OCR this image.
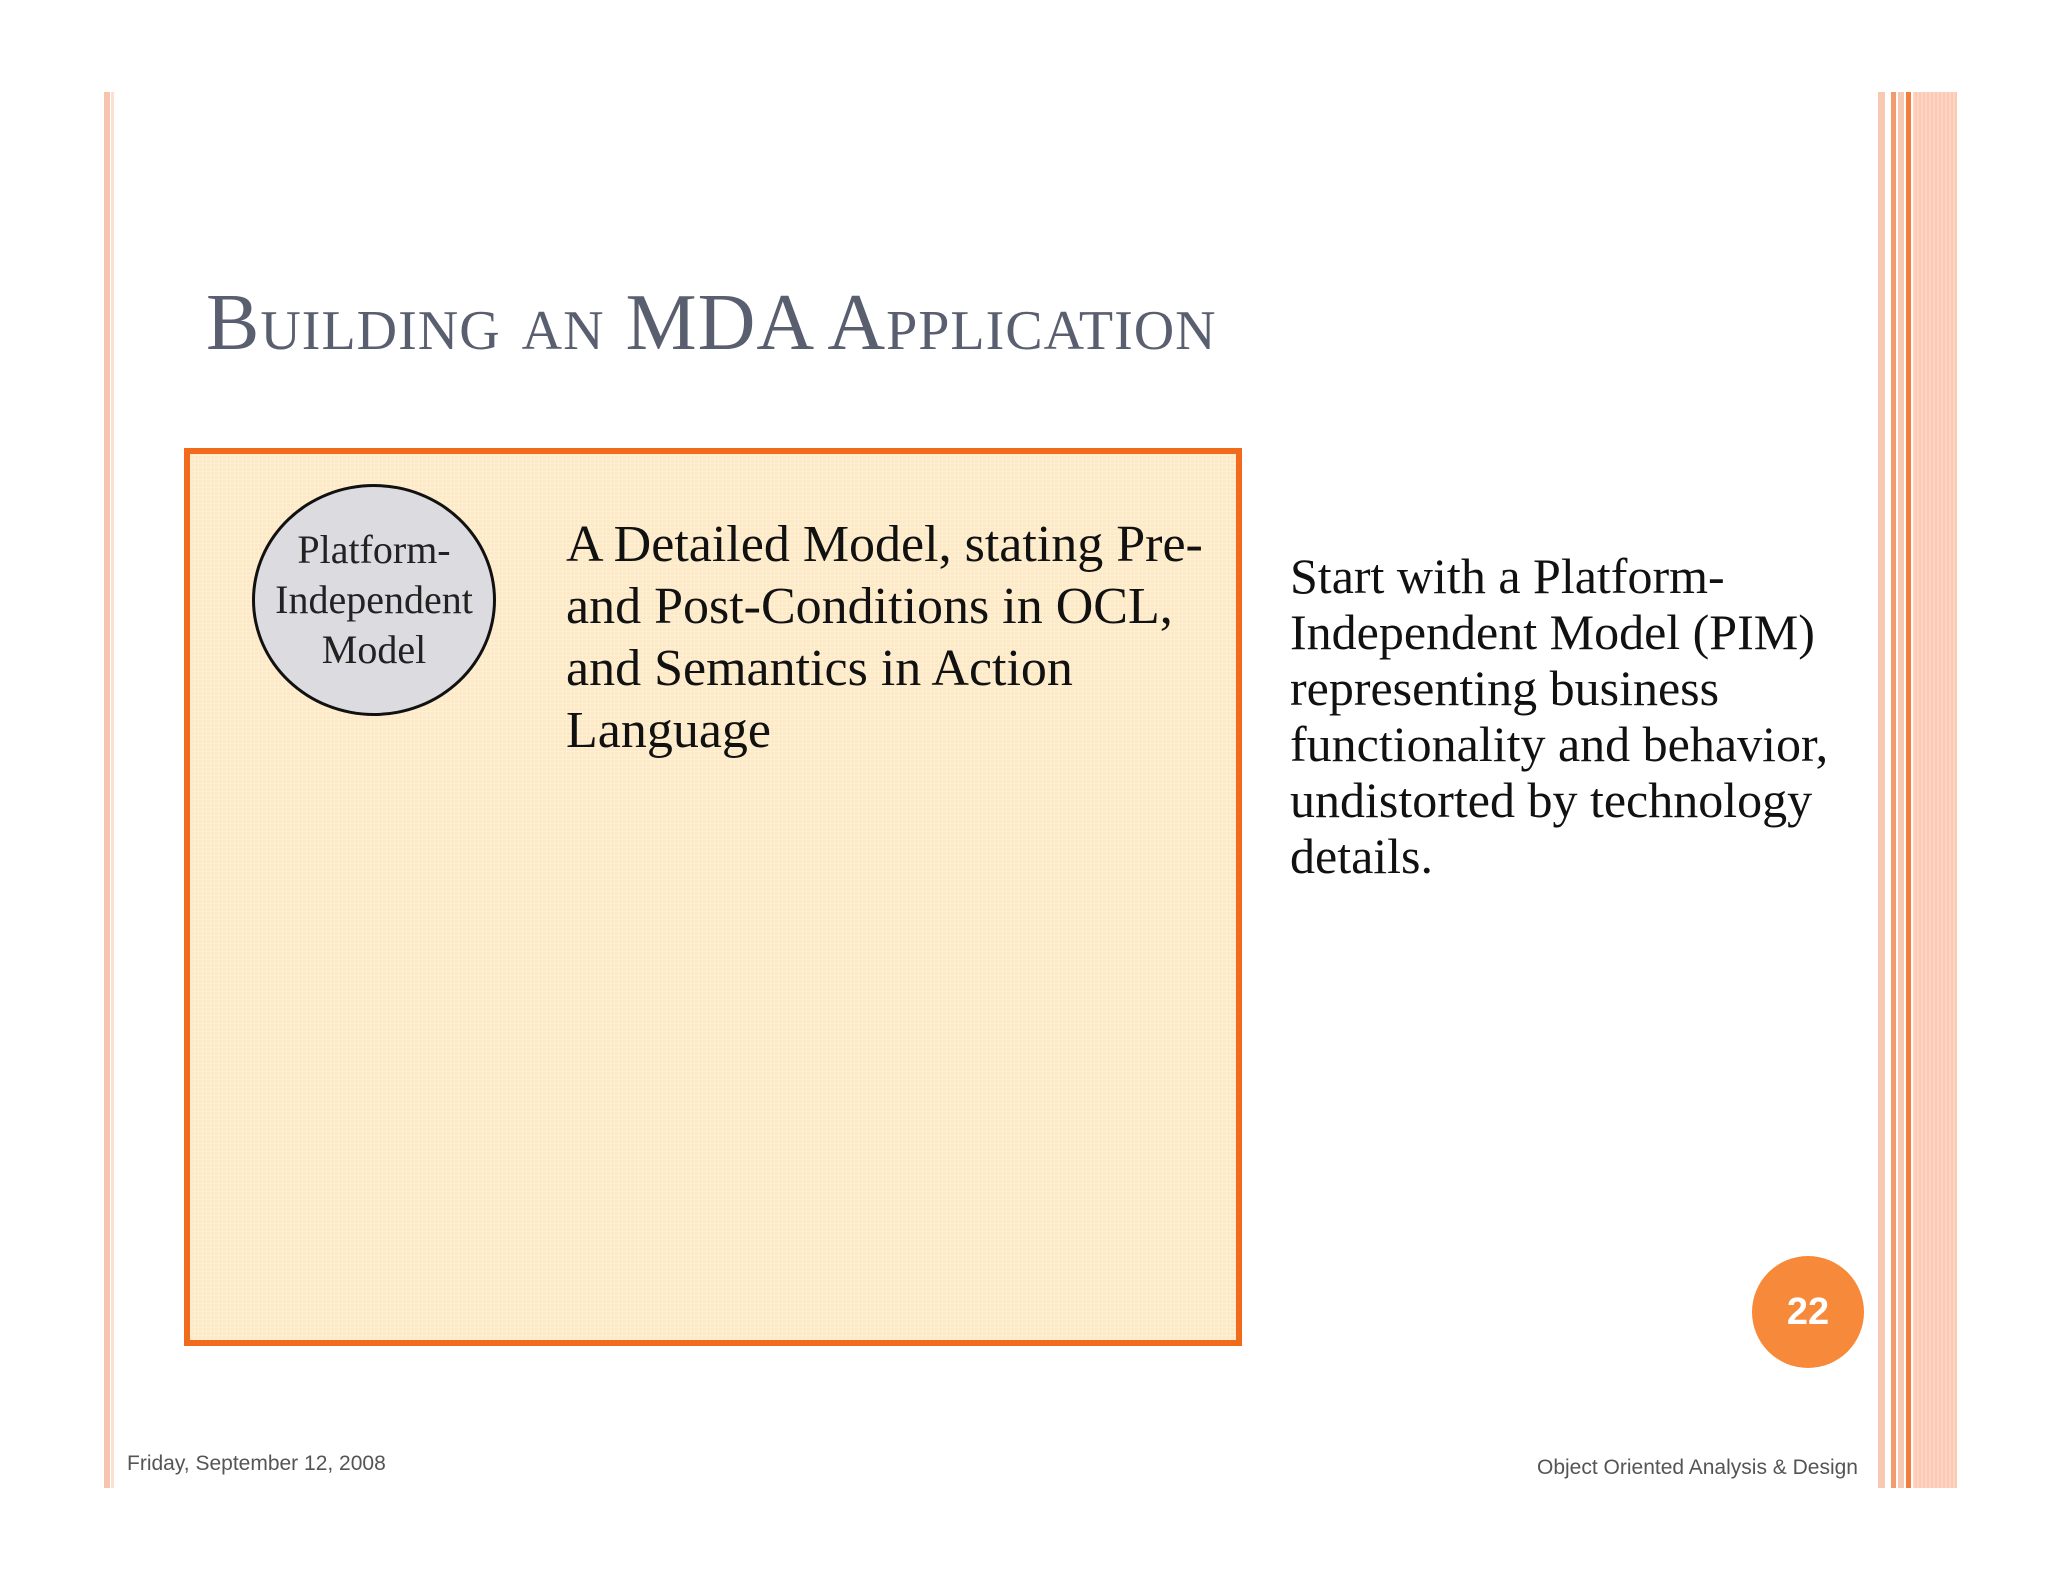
Building an MDA Application
Platform-
Independent
Model
A Detailed Model, stating Pre- and Post-Conditions in OCL, and Semantics in Action Language
Start with a Platform-Independent Model (PIM) representing business functionality and behavior, undistorted by technology details.
22
Friday, September 12, 2008	Object Oriented Analysis & Design
